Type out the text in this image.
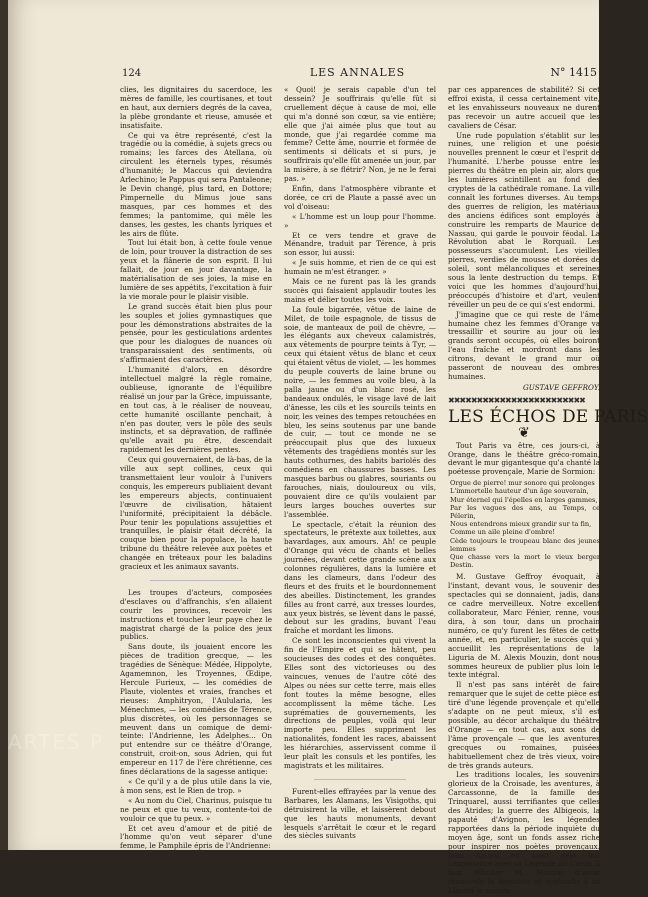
124	LES ANNALES	N° 1415

clies, les dignitaires du sacerdoce, les mères de famille, les courtisanes, et tout en haut, aux derniers degrés de la cavea, la plèbe grondante et rieuse, amusée et insatisfaite.

Ce qui va être représenté, c'est la tragédie ou la comédie, à sujets grecs ou romains; les farces des Atellana, où circulent les éternels types, résumés d'humanité; le Maccus qui deviendra Arlechino; le Pappus qui sera Pantaleone; le Devin changé, plus tard, en Dottore; Pimpernelle du Mimus joue sans masques, par ces hommes et des femmes; la pantomime, qui mêle les danses, les gestes, les chants lyriques et les airs de flûte.

Tout lui était bon, à cette foule venue de loin, pour trouver la distraction de ses yeux et la flânerie de son esprit. Il lui fallait, de jour en jour davantage, la matérialisation de ses joies, la mise en lumière de ses appétits, l'excitation à fuir la vie morale pour le plaisir visible.

Le grand succès était bien plus pour les souples et jolies gymnastiques que pour les démonstrations abstraites de la pensée, pour les gesticulations ardentes que pour les dialogues de nuances où transparaissaient des sentiments, où s'affirmaient des caractères.

L'humanité d'alors, en désordre intellectuel malgré la règle romaine, oublieuse, ignorante de l'équilibre réalisé un jour par la Grèce, impuissante, en tout cas, à le réaliser de nouveau, cette humanité oscillante penchait, à n'en pas douter, vers le pôle des seuls instincts, et sa dépravation, de raffinée qu'elle avait pu être, descendait rapidement les dernières pentes.

Ceux qui gouvernaient, de là-bas, de la ville aux sept collines, ceux qui transmettaient leur vouloir à l'univers conquis, les empereurs publiaient devant les empereurs abjects, continuaient l'œuvre de civilisation, hâtaient l'uniformité, précipitaient la débâcle. Pour tenir les populations assujetties et tranquilles, le plaisir était décrété, la couque bien pour la populace, la haute tribune du théâtre relevée aux poètes et changée en tréteaux pour les baladins gracieux et les animaux savants.

Les troupes d'acteurs, composées d'esclaves ou d'affranchis, s'en allaient courir les provinces, recevoir les instructions et toucher leur paye chez le magistrat chargé de la police des jeux publics.

Sans doute, ils jouaient encore les pièces de tradition grecque, — les tragédies de Sénèque: Médée, Hippolyte, Agamemnon, les Troyennes, Œdipe, Hercule Furieux, — les comédies de Plaute, violentes et vraies, franches et rieuses: Amphitryon, l'Aulularia, les Ménechmes, — les comédies de Térence, plus discrètes, où les personnages se meuvent dans un comique de demi-teinte: l'Andrienne, les Adelphes... On put entendre sur ce théâtre d'Orange, construit, croit-on, sous Adrien, qui fut empereur en 117 de l'ère chrétienne, ces fines déclarations de la sagesse antique:

« Ce qu'il y a de plus utile dans la vie, à mon sens, est le Rien de trop. »

« Au nom du Ciel, Charinus, puisque tu ne peux et que tu veux, contente-toi de vouloir ce que tu peux. »

Et cet aveu d'amour et de pitié de l'homme qu'on veut séparer d'une femme, le Pamphile épris de l'Andrienne:

« Quoi! je serais capable d'un tel dessein? Je souffrirais qu'elle fût si cruellement déçue à cause de moi, elle qui m'a donné son cœur, sa vie entière; elle que j'ai aimée plus que tout au monde, que j'ai regardée comme ma femme? Cette âme, nourrie et formée de sentiments si délicats et si purs, je souffrirais qu'elle fût amenée un jour, par la misère, à se flétrir? Non, je ne le ferai pas. »

Enfin, dans l'atmosphère vibrante et dorée, ce cri de Plaute a passé avec un vol d'oiseau:

« L'homme est un loup pour l'homme. »

Et ce vers tendre et grave de Ménandre, traduit par Térence, à pris son essor, lui aussi:

« Je suis homme, et rien de ce qui est humain ne m'est étranger. »

Mais ce ne furent pas là les grands succès qui faisaient applaudir toutes les mains et délier toutes les voix.

La foule bigarrée, vêtue de laine de Milet, de toile espagnole, de tissus de soie, de manteaux de poil de chèvre, — les élégants aux cheveux calamistrés, aux vêtements de pourpre teints à Tyr, — ceux qui étaient vêtus de blanc et ceux qui étaient vêtus de violet, — les hommes du peuple couverts de laine brune ou noire, — les femmes au voile bleu, à la palla jaune ou d'un blanc rosé, les bandeaux ondulés, le visage lavé de lait d'ânesse, les cils et les sourcils teints en noir, les veines des tempes retouchées en bleu, les seins soutenus par une bande de cuir, — tout ce monde ne se préoccupait plus que des luxueux vêtements des tragédiens montés sur les hauts cothurnes, des habits bariolés des comédiens en chaussures basses. Les masques barbus ou glabres, souriants ou farouches, niais, douloureux ou vils, pouvaient dire ce qu'ils voulaient par leurs larges bouches ouvertes sur l'assemblée.

Le spectacle, c'était la réunion des spectateurs, le prétexte aux toilettes, aux bavardages, aux amours. Ah! ce peuple d'Orange qui vécu de chants et belles journées, devant cette grande scène aux colonnes régulières, dans la lumière et dans les clameurs, dans l'odeur des fleurs et des fruits et le bourdonnement des abeilles. Distinctement, les grandes filles au front carré, aux tresses lourdes, aux yeux bistrés, se lèvent dans le passé, debout sur les gradins, buvant l'eau fraîche et mordant les limons.

Ce sont les inconscientes qui vivent la fin de l'Empire et qui se hâtent, peu soucieuses des codes et des conquêtes. Elles sont des victorieuses ou des vaincues, venues de l'autre côté des Alpes ou nées sur cette terre, mais elles font toutes la même besogne, elles accomplissent la même tâche. Les suprématies de gouvernements, les directions de peuples, voilà qui leur importe peu. Elles suppriment les nationalités, fondent les races, abaissent les hiérarchies, asservissent comme il leur plaît les consuls et les pontifes, les magistrats et les militaires.

Furent-elles effrayées par la venue des Barbares, les Alamans, les Visigoths, qui détruisirent la ville, et laissèrent debout que les hauts monuments, devant lesquels s'arrêtait le cœur et le regard des siècles suivants

par ces apparences de stabilité? Si cet effroi exista, il cessa certainement vite, et les envahisseurs nouveaux ne durent pas recevoir un autre accueil que les cavaliers de César.

Une rude population s'établit sur les ruines, une religion et une poésie nouvelles prennent le cœur et l'esprit de l'humanité. L'herbe pousse entre les pierres du théâtre en plein air, alors que les lumières scintillent au fond des cryptes de la cathédrale romane. La ville connaît les fortunes diverses. Au temps des guerres de religion, les matériaux des anciens édifices sont employés à construire les remparts de Maurice de Nassau, qui garde le pouvoir féodal. La Révolution abat le Rorquail. Les possesseurs s'accumulent. Les vieilles pierres, verdies de mousse et dorées de soleil, sont mélancoliques et sereines sous la lente destruction du temps. Et voici que les hommes d'aujourd'hui, préoccupés d'histoire et d'art, veulent réveiller un peu de ce qui s'est endormi.

J'imagine que ce qui reste de l'âme humaine chez les femmes d'Orange va tressaillir et sourire au jour où les grands seront occupés, où elles boiront l'eau fraîche et mordront dans les citrons, devant le grand mur où passeront de nouveau des ombres humaines.

GUSTAVE GEFFROY.
✖✖✖✖✖✖✖✖✖✖✖✖✖✖✖✖✖✖✖✖✖✖✖✖
LES ÉCHOS DE PARIS
❦

Tout Paris va être, ces jours-ci, à Orange, dans le théâtre gréco-romain, devant le mur gigantesque qu'a chanté la poétesse provençale, Marie de Sormion:

Orgue de pierre! mur sonore qui prolonges
L'immortelle hauteur d'un âge souverain,
Mur éternel qui l'épelles en larges gammes,
Par les vagues des ans, au Temps, ce Pélerin,
Nous entendrons mieux grandir sur ta fin,
Comme un aile pleine d'ombre!
Cède toujours le troupeau blanc des jeunes lemmes
Que chasse vers la mort le vieux berger Destin.

M. Gustave Geffroy évoquait, à l'instant, devant vous, le souvenir des spectacles qui se donnaient, jadis, dans ce cadre merveilleux. Notre excellent collaborateur, Marc Fénier, renne, vous dira, à son tour, dans un prochain numéro, ce qu'y furent les fêtes de cette année, et, en particulier, le succès qui y accueillit les représentations de la Liguria de M. Alexis Mouzin, dont nous sommes heureux de publier plus loin le texte intégral.

Il n'est pas sans intérêt de faire remarquer que le sujet de cette pièce est tiré d'une légende provençale et qu'elle s'adapte on ne peut mieux, s'il est possible, au décor archaïque du théâtre d'Orange — en tout cas, aux sons de l'âme provençale — que les aventures grecques ou romaines, puisées habituellement chez de très vieux, voire de très grands auteurs.

Les traditions locales, les souvenirs glorieux de la Croisade, les aventures, à Carcassonne, de la famille des Trinquarel, aussi terrifiantes que celles des Atrides; la guerre des Albigeois, la papauté d'Avignon, les légendes rapportées dans la période inquiète du moyen âge, sont un fonds assez riche pour inspirer nos poètes provençaux. Jean Aicard en avait déjà fait l'expérience avec sa Légende du Cœur. Il faut féliciter M. Mouzin d'avoir renouvelé la tentative et applaudir à sa Liguria le succès

ARTES P
